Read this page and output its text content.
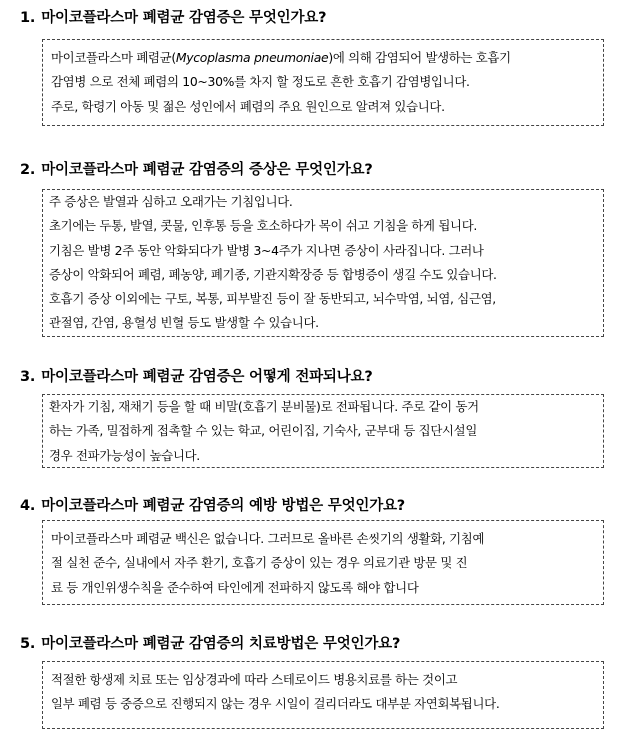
1. 마이코플라스마 폐렴균 감염증은 무엇인가요?
마이코플라스마 폐렴균(Mycoplasma pneumoniae)에 의해 감염되어 발생하는 호흡기
감염병 으로 전체 폐렴의 10~30%를 차지 할 정도로 흔한 호흡기 감염병입니다.
주로, 학령기 아동 및 젊은 성인에서 폐렴의 주요 원인으로 알려져 있습니다.
2. 마이코플라스마 폐렴균 감염증의 증상은 무엇인가요?
주 증상은 발열과 심하고 오래가는 기침입니다.
초기에는 두통, 발열, 콧물, 인후통 등을 호소하다가 목이 쉬고 기침을 하게 됩니다.
기침은 발병 2주 동안 악화되다가 발병 3~4주가 지나면 증상이 사라집니다. 그러나
증상이 악화되어 폐렴, 폐농양, 폐기종, 기관지확장증 등 합병증이 생길 수도 있습니다.
호흡기 증상 이외에는 구토, 복통, 피부발진 등이 잘 동반되고, 뇌수막염, 뇌염, 심근염,
관절염, 간염, 용혈성 빈혈 등도 발생할 수 있습니다.
3. 마이코플라스마 폐렴균 감염증은 어떻게 전파되나요?
환자가 기침, 재채기 등을 할 때 비말(호흡기 분비물)로 전파됩니다. 주로 같이 동거
하는 가족, 밀접하게 접촉할 수 있는 학교, 어린이집, 기숙사, 군부대 등 집단시설일
경우 전파가능성이 높습니다.
4. 마이코플라스마 폐렴균 감염증의 예방 방법은 무엇인가요?
마이코플라스마 폐렴균 백신은 없습니다. 그러므로 올바른 손씻기의 생활화, 기침예
절 실천 준수, 실내에서 자주 환기, 호흡기 증상이 있는 경우 의료기관 방문 및 진
료 등 개인위생수칙을 준수하여 타인에게 전파하지 않도록 해야 합니다
5. 마이코플라스마 폐렴균 감염증의 치료방법은 무엇인가요?
적절한 항생제 치료 또는 임상경과에 따라 스테로이드 병용치료를 하는 것이고
일부 폐렴 등 중증으로 진행되지 않는 경우 시일이 걸리더라도 대부분 자연회복됩니다.
